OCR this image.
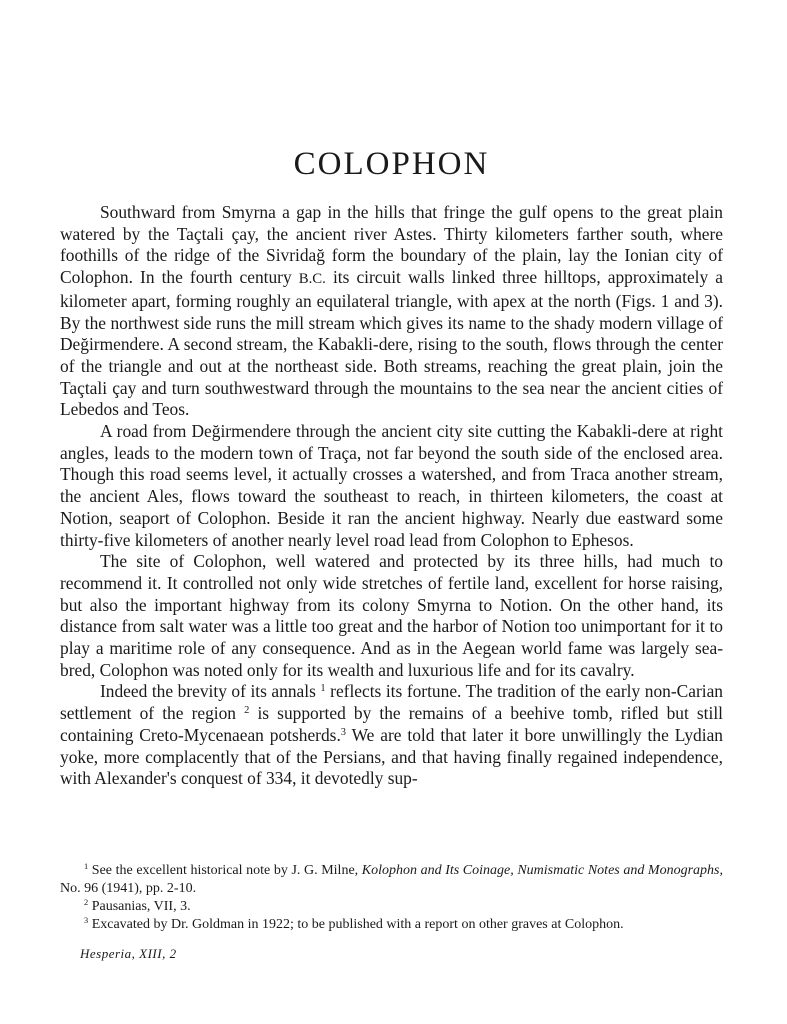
COLOPHON

Southward from Smyrna a gap in the hills that fringe the gulf opens to the great plain watered by the Taçtali çay, the ancient river Astes. Thirty kilometers farther south, where foothills of the ridge of the Sivridağ form the boundary of the plain, lay the Ionian city of Colophon. In the fourth century B.C. its circuit walls linked three hilltops, approximately a kilometer apart, forming roughly an equilateral triangle, with apex at the north (Figs. 1 and 3). By the northwest side runs the mill stream which gives its name to the shady modern village of Değirmendere. A second stream, the Kabakli-dere, rising to the south, flows through the center of the triangle and out at the northeast side. Both streams, reaching the great plain, join the Taçtali çay and turn southwestward through the mountains to the sea near the ancient cities of Lebedos and Teos.

A road from Değirmendere through the ancient city site cutting the Kabakli-dere at right angles, leads to the modern town of Traça, not far beyond the south side of the enclosed area. Though this road seems level, it actually crosses a watershed, and from Traca another stream, the ancient Ales, flows toward the southeast to reach, in thirteen kilometers, the coast at Notion, seaport of Colophon. Beside it ran the ancient highway. Nearly due eastward some thirty-five kilometers of another nearly level road lead from Colophon to Ephesos.

The site of Colophon, well watered and protected by its three hills, had much to recommend it. It controlled not only wide stretches of fertile land, excellent for horse raising, but also the important highway from its colony Smyrna to Notion. On the other hand, its distance from salt water was a little too great and the harbor of Notion too unimportant for it to play a maritime role of any consequence. And as in the Aegean world fame was largely sea-bred, Colophon was noted only for its wealth and luxurious life and for its cavalry.

Indeed the brevity of its annals $^1$ reflects its fortune. The tradition of the early non-Carian settlement of the region $^2$ is supported by the remains of a beehive tomb, rifled but still containing Creto-Mycenaean potsherds.$^3$ We are told that later it bore unwillingly the Lydian yoke, more complacently that of the Persians, and that having finally regained independence, with Alexander's conquest of 334, it devotedly sup-

$^1$ See the excellent historical note by J. G. Milne, Kolophon and Its Coinage, Numismatic Notes and Monographs, No. 96 (1941), pp. 2-10.

$^2$ Pausanias, VII, 3.

$^3$ Excavated by Dr. Goldman in 1922; to be published with a report on other graves at Colophon.

Hesperia, XIII, 2
